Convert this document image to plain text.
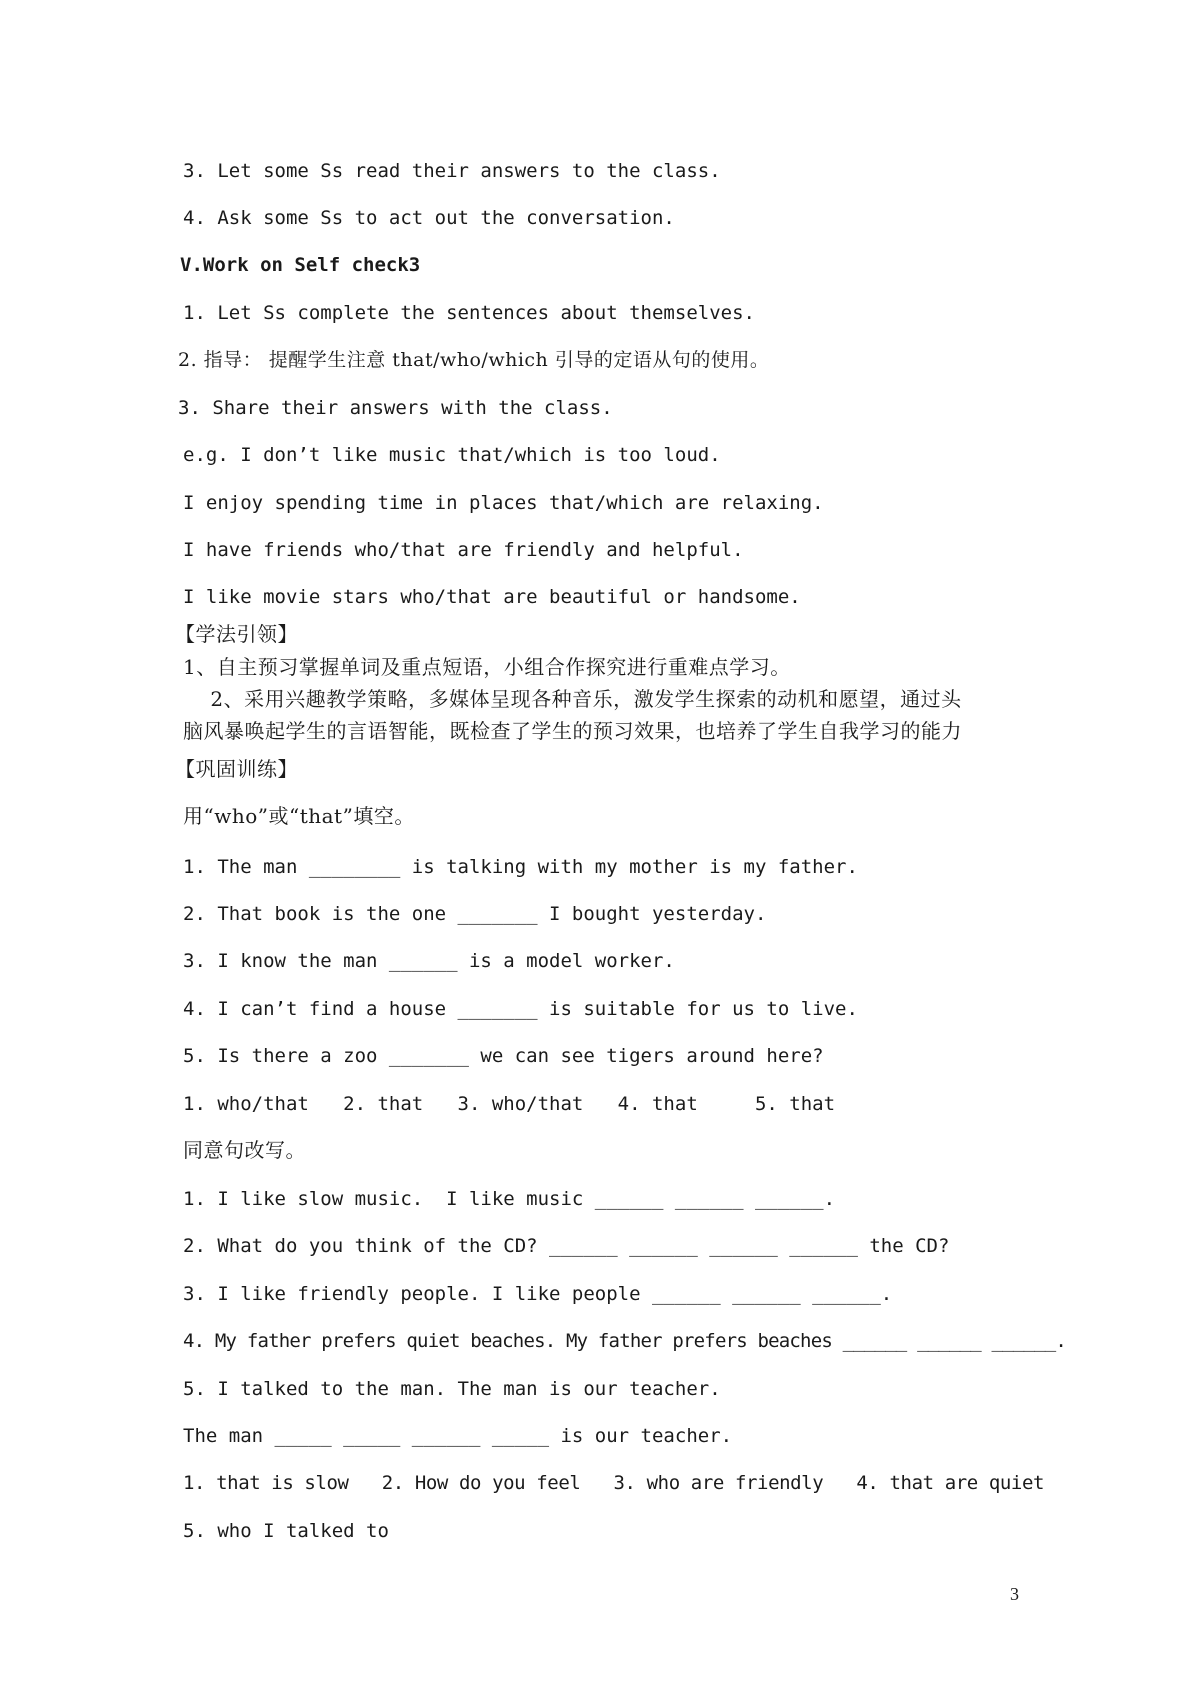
3. Let some Ss read their answers to the class.
4. Ask some Ss to act out the conversation.
V.Work on Self check3
1. Let Ss complete the sentences about themselves.
2. 指导： 提醒学生注意 that/who/which 引导的定语从句的使用。
3. Share their answers with the class.
e.g. I don’t like music that/which is too loud.
I enjoy spending time in places that/which are relaxing.
I have friends who/that are friendly and helpful.
I like movie stars who/that are beautiful or handsome.
【学法引领】
1、自主预习掌握单词及重点短语，小组合作探究进行重难点学习。
2、采用兴趣教学策略，多媒体呈现各种音乐，激发学生探索的动机和愿望，通过头
脑风暴唤起学生的言语智能，既检查了学生的预习效果，也培养了学生自我学习的能力
【巩固训练】
用“who”或“that”填空。
1. The man ________ is talking with my mother is my father.
2. That book is the one _______ I bought yesterday.
3. I know the man ______ is a model worker.
4. I can’t find a house _______ is suitable for us to live.
5. Is there a zoo _______ we can see tigers around here?
1. who/that   2. that   3. who/that   4. that     5. that
同意句改写。
1. I like slow music.  I like music ______ ______ ______.
2. What do you think of the CD? ______ ______ ______ ______ the CD?
3. I like friendly people. I like people ______ ______ ______.
4. My father prefers quiet beaches. My father prefers beaches ______ ______ ______.
5. I talked to the man. The man is our teacher.
The man _____ _____ ______ _____ is our teacher.
1. that is slow   2. How do you feel   3. who are friendly   4. that are quiet
5. who I talked to
3
